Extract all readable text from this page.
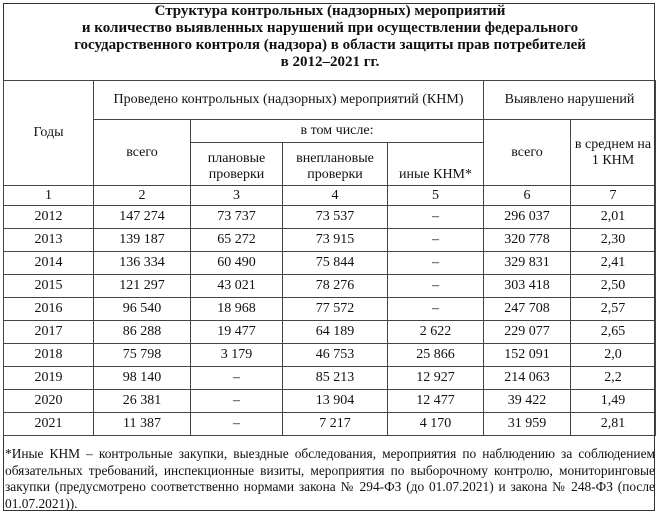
Структура контрольных (надзорных) мероприятий
и количество выявленных нарушений при осуществлении федерального
государственного контроля (надзора) в области защиты прав потребителей
в 2012–2021 гг.
Годы	Проведено контрольных (надзорных) мероприятий (КНМ)				Выявлено нарушений	
	всего	в том числе:			всего	в среднем на 1 КНМ
		плановые проверки	внеплановые проверки	иные КНМ*		
1	2	3	4	5	6	7
2012	147 274	73 737	73 537	–	296 037	2,01
2013	139 187	65 272	73 915	–	320 778	2,30
2014	136 334	60 490	75 844	–	329 831	2,41
2015	121 297	43 021	78 276	–	303 418	2,50
2016	96 540	18 968	77 572	–	247 708	2,57
2017	86 288	19 477	64 189	2 622	229 077	2,65
2018	75 798	3 179	46 753	25 866	152 091	2,0
2019	98 140	–	85 213	12 927	214 063	2,2
2020	26 381	–	13 904	12 477	39 422	1,49
2021	11 387	–	7 217	4 170	31 959	2,81
*Иные КНМ – контрольные закупки, выездные обследования, мероприятия по наблюдению за соблюдением обязательных требований, инспекционные визиты, мероприятия по выборочному контролю, мониторинговые закупки (предусмотрено соответственно нормами закона № 294-ФЗ (до 01.07.2021) и закона № 248-ФЗ (после 01.07.2021)).
